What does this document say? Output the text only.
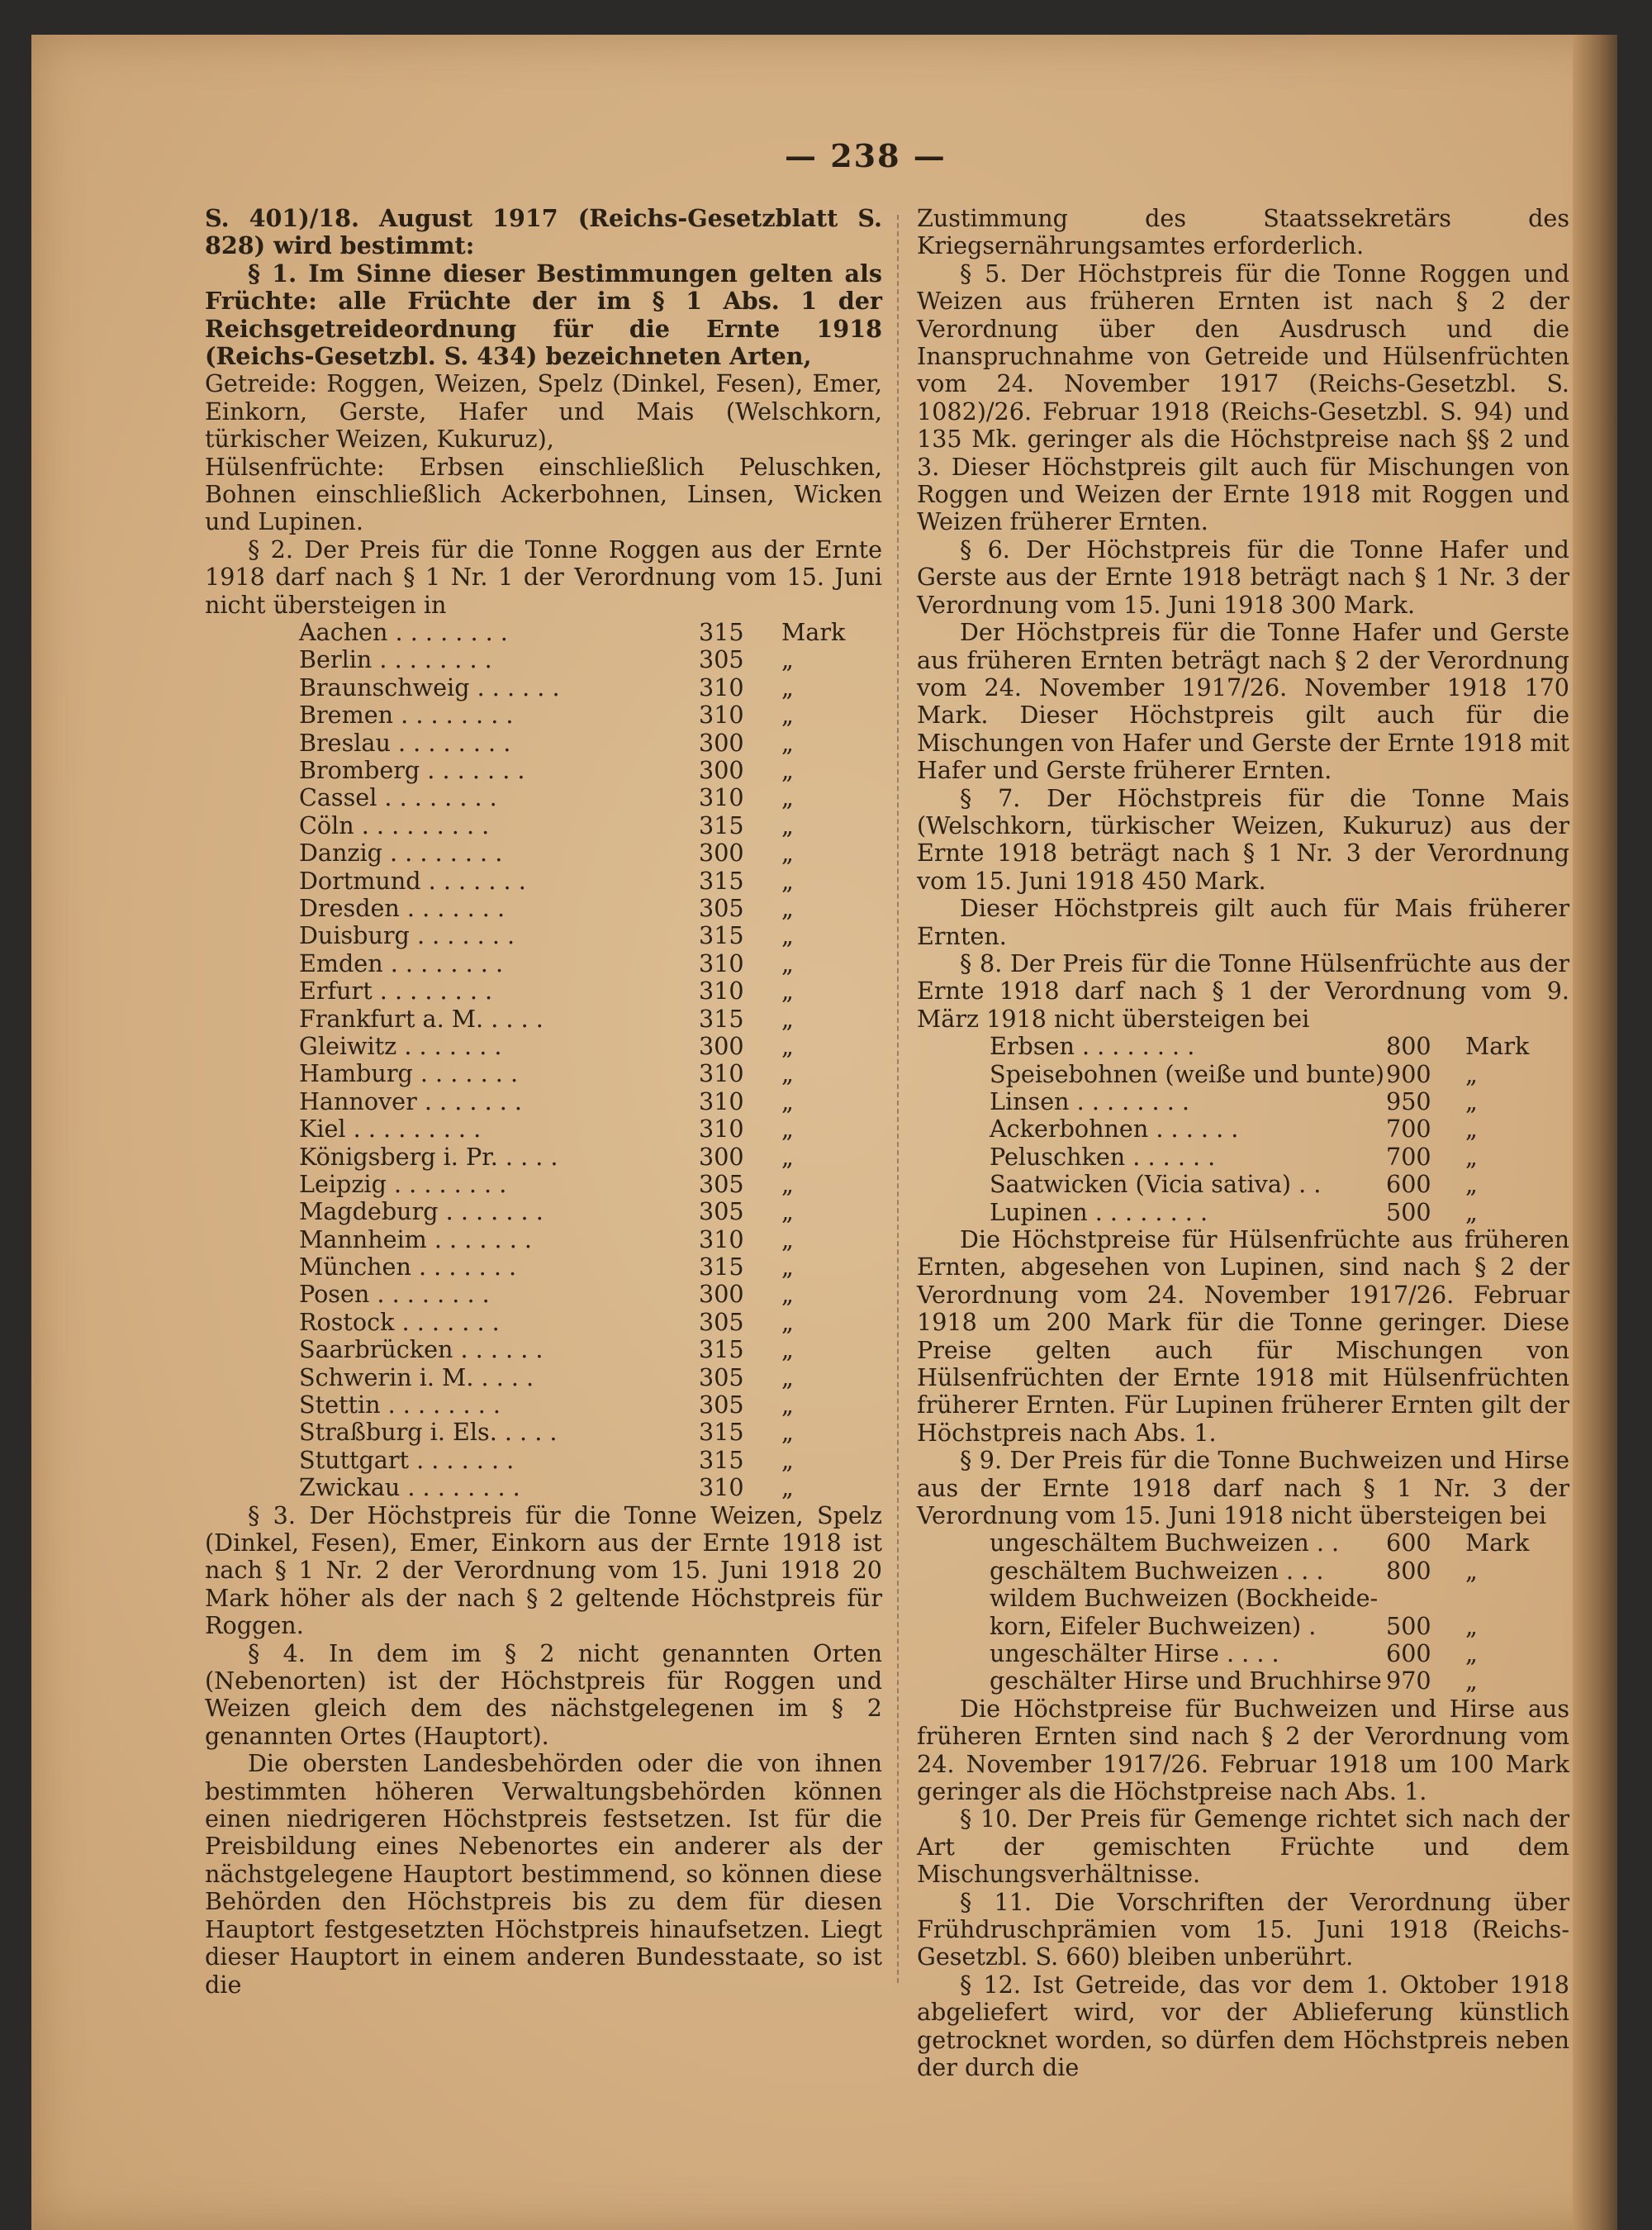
— 238 —

S. 401)/18. August 1917 (Reichs-Gesetzblatt S. 828) wird bestimmt:

§ 1. Im Sinne dieser Bestimmungen gelten als Früchte: alle Früchte der im § 1 Abs. 1 der Reichsgetreideordnung für die Ernte 1918 (Reichs-Gesetzbl. S. 434) bezeichneten Arten,

Getreide: Roggen, Weizen, Spelz (Dinkel, Fesen), Emer, Einkorn, Gerste, Hafer und Mais (Welschkorn, türkischer Weizen, Kukuruz),

Hülsenfrüchte: Erbsen einschließlich Peluschken, Bohnen einschließlich Ackerbohnen, Linsen, Wicken und Lupinen.

§ 2. Der Preis für die Tonne Roggen aus der Ernte 1918 darf nach § 1 Nr. 1 der Verordnung vom 15. Juni nicht übersteigen in

Aachen . . . . . . . .	315	Mark
Berlin . . . . . . . .	305	„
Braunschweig . . . . . .	310	„
Bremen . . . . . . . .	310	„
Breslau . . . . . . . .	300	„
Bromberg . . . . . . .	300	„
Cassel . . . . . . . .	310	„
Cöln . . . . . . . . .	315	„
Danzig . . . . . . . .	300	„
Dortmund . . . . . . .	315	„
Dresden . . . . . . .	305	„
Duisburg . . . . . . .	315	„
Emden . . . . . . . .	310	„
Erfurt . . . . . . . .	310	„
Frankfurt a. M. . . . .	315	„
Gleiwitz . . . . . . .	300	„
Hamburg . . . . . . .	310	„
Hannover . . . . . . .	310	„
Kiel . . . . . . . . .	310	„
Königsberg i. Pr. . . . .	300	„
Leipzig . . . . . . . .	305	„
Magdeburg . . . . . . .	305	„
Mannheim . . . . . . .	310	„
München . . . . . . .	315	„
Posen . . . . . . . .	300	„
Rostock . . . . . . .	305	„
Saarbrücken . . . . . .	315	„
Schwerin i. M. . . . .	305	„
Stettin . . . . . . . .	305	„
Straßburg i. Els. . . . .	315	„
Stuttgart . . . . . . .	315	„
Zwickau . . . . . . . .	310	„

§ 3. Der Höchstpreis für die Tonne Weizen, Spelz (Dinkel, Fesen), Emer, Einkorn aus der Ernte 1918 ist nach § 1 Nr. 2 der Verordnung vom 15. Juni 1918 20 Mark höher als der nach § 2 geltende Höchstpreis für Roggen.

§ 4. In dem im § 2 nicht genannten Orten (Nebenorten) ist der Höchstpreis für Roggen und Weizen gleich dem des nächstgelegenen im § 2 genannten Ortes (Hauptort).

Die obersten Landesbehörden oder die von ihnen bestimmten höheren Verwaltungsbehörden können einen niedrigeren Höchstpreis festsetzen. Ist für die Preisbildung eines Nebenortes ein anderer als der nächstgelegene Hauptort bestimmend, so können diese Behörden den Höchstpreis bis zu dem für diesen Hauptort festgesetzten Höchstpreis hinaufsetzen. Liegt dieser Hauptort in einem anderen Bundesstaate, so ist die

Zustimmung des Staatssekretärs des Kriegsernährungsamtes erforderlich.

§ 5. Der Höchstpreis für die Tonne Roggen und Weizen aus früheren Ernten ist nach § 2 der Verordnung über den Ausdrusch und die Inanspruchnahme von Getreide und Hülsenfrüchten vom 24. November 1917 (Reichs-Gesetzbl. S. 1082)/26. Februar 1918 (Reichs-Gesetzbl. S. 94) und 135 Mk. geringer als die Höchstpreise nach §§ 2 und 3. Dieser Höchstpreis gilt auch für Mischungen von Roggen und Weizen der Ernte 1918 mit Roggen und Weizen früherer Ernten.

§ 6. Der Höchstpreis für die Tonne Hafer und Gerste aus der Ernte 1918 beträgt nach § 1 Nr. 3 der Verordnung vom 15. Juni 1918 300 Mark.

Der Höchstpreis für die Tonne Hafer und Gerste aus früheren Ernten beträgt nach § 2 der Verordnung vom 24. November 1917/26. November 1918 170 Mark. Dieser Höchstpreis gilt auch für die Mischungen von Hafer und Gerste der Ernte 1918 mit Hafer und Gerste früherer Ernten.

§ 7. Der Höchstpreis für die Tonne Mais (Welschkorn, türkischer Weizen, Kukuruz) aus der Ernte 1918 beträgt nach § 1 Nr. 3 der Verordnung vom 15. Juni 1918 450 Mark.

Dieser Höchstpreis gilt auch für Mais früherer Ernten.

§ 8. Der Preis für die Tonne Hülsenfrüchte aus der Ernte 1918 darf nach § 1 der Verordnung vom 9. März 1918 nicht übersteigen bei

Erbsen . . . . . . . .	800	Mark
Speisebohnen (weiße und bunte) 900	„
Linsen . . . . . . . .	950	„
Ackerbohnen . . . . . .	700	„
Peluschken . . . . . .	700	„
Saatwicken (Vicia sativa) . .	600	„
Lupinen . . . . . . . .	500	„

Die Höchstpreise für Hülsenfrüchte aus früheren Ernten, abgesehen von Lupinen, sind nach § 2 der Verordnung vom 24. November 1917/26. Februar 1918 um 200 Mark für die Tonne geringer. Diese Preise gelten auch für Mischungen von Hülsenfrüchten der Ernte 1918 mit Hülsenfrüchten früherer Ernten. Für Lupinen früherer Ernten gilt der Höchstpreis nach Abs. 1.

§ 9. Der Preis für die Tonne Buchweizen und Hirse aus der Ernte 1918 darf nach § 1 Nr. 3 der Verordnung vom 15. Juni 1918 nicht übersteigen bei

ungeschältem Buchweizen . .	600	Mark
geschältem Buchweizen . . .	800	„
wildem Buchweizen (Bockheide-
korn, Eifeler Buchweizen) .	500	„
ungeschälter Hirse . . . .	600	„
geschälter Hirse und Bruchhirse 970	„

Die Höchstpreise für Buchweizen und Hirse aus früheren Ernten sind nach § 2 der Verordnung vom 24. November 1917/26. Februar 1918 um 100 Mark geringer als die Höchstpreise nach Abs. 1.

§ 10. Der Preis für Gemenge richtet sich nach der Art der gemischten Früchte und dem Mischungsverhältnisse.

§ 11. Die Vorschriften der Verordnung über Frühdruschprämien vom 15. Juni 1918 (Reichs-Gesetzbl. S. 660) bleiben unberührt.

§ 12. Ist Getreide, das vor dem 1. Oktober 1918 abgeliefert wird, vor der Ablieferung künstlich getrocknet worden, so dürfen dem Höchstpreis neben der durch die
